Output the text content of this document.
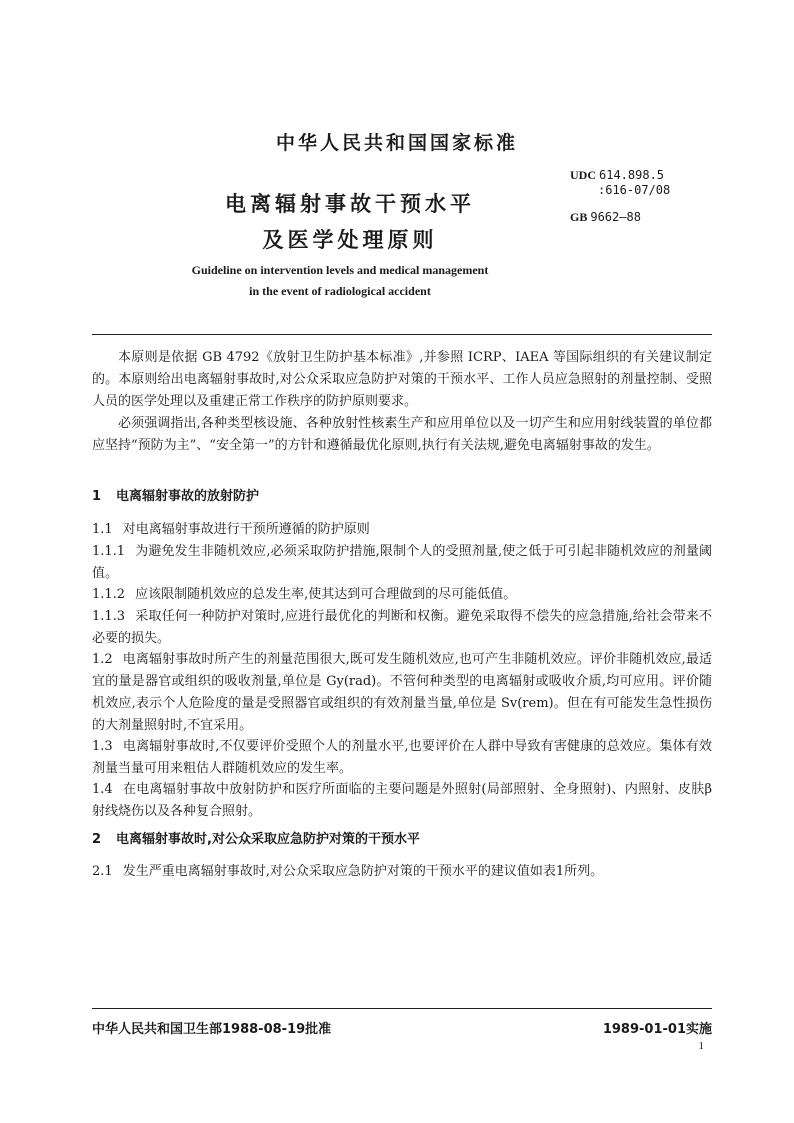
中华人民共和国国家标准
电离辐射事故干预水平
及医学处理原则
Guideline on intervention levels and medical management
in the event of radiological accident
UDC 614.898.5
:616-07/08
GB 9662—88

本原则是依据 GB 4792《放射卫生防护基本标准》,并参照 ICRP、IAEA 等国际组织的有关建议制定的。本原则给出电离辐射事故时,对公众采取应急防护对策的干预水平、工作人员应急照射的剂量控制、受照人员的医学处理以及重建正常工作秩序的防护原则要求。

必须强调指出,各种类型核设施、各种放射性核素生产和应用单位以及一切产生和应用射线装置的单位都应坚持“预防为主”、“安全第一”的方针和遵循最优化原则,执行有关法规,避免电离辐射事故的发生。

1 电离辐射事故的放射防护

1.1 对电离辐射事故进行干预所遵循的防护原则

1.1.1 为避免发生非随机效应,必须采取防护措施,限制个人的受照剂量,使之低于可引起非随机效应的剂量阈值。

1.1.2 应该限制随机效应的总发生率,使其达到可合理做到的尽可能低值。

1.1.3 采取任何一种防护对策时,应进行最优化的判断和权衡。避免采取得不偿失的应急措施,给社会带来不必要的损失。

1.2 电离辐射事故时所产生的剂量范围很大,既可发生随机效应,也可产生非随机效应。评价非随机效应,最适宜的量是器官或组织的吸收剂量,单位是 Gy(rad)。不管何种类型的电离辐射或吸收介质,均可应用。评价随机效应,表示个人危险度的量是受照器官或组织的有效剂量当量,单位是 Sv(rem)。但在有可能发生急性损伤的大剂量照射时,不宜采用。

1.3 电离辐射事故时,不仅要评价受照个人的剂量水平,也要评价在人群中导致有害健康的总效应。集体有效剂量当量可用来粗估人群随机效应的发生率。

1.4 在电离辐射事故中放射防护和医疗所面临的主要问题是外照射(局部照射、全身照射)、内照射、皮肤β射线烧伤以及各种复合照射。

2 电离辐射事故时,对公众采取应急防护对策的干预水平

2.1 发生严重电离辐射事故时,对公众采取应急防护对策的干预水平的建议值如表1所列。

中华人民共和国卫生部1988-08-19批准	1989-01-01实施
1
